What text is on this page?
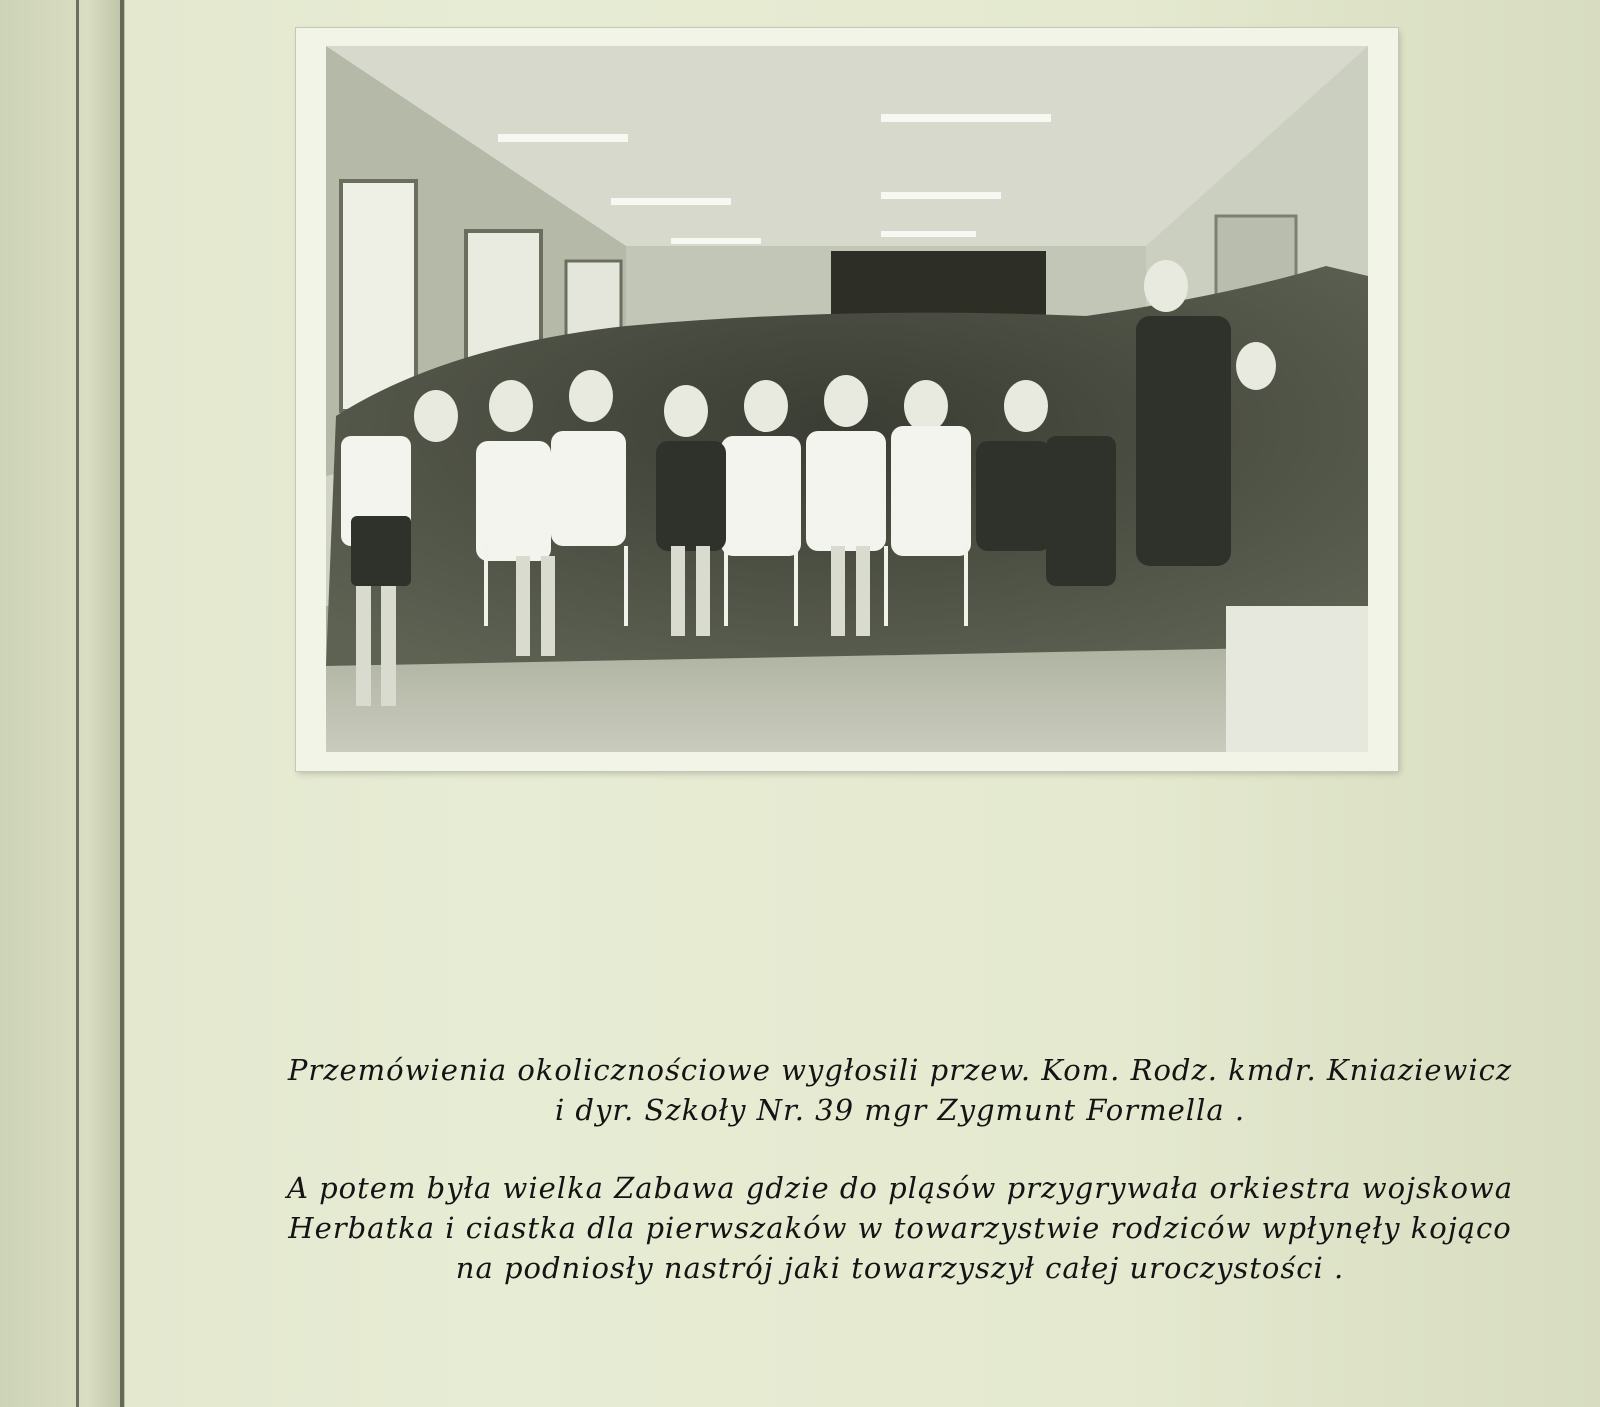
Przemówienia okolicznościowe wygłosili przew. Kom. Rodz. kmdr. Kniaziewicz

i dyr. Szkoły Nr. 39 mgr Zygmunt Formella .

A potem była wielka Zabawa gdzie do pląsów przygrywała orkiestra wojskowa

Herbatka i ciastka dla pierwszaków w towarzystwie rodziców wpłynęły kojąco

na podniosły nastrój jaki towarzyszył całej uroczystości .
